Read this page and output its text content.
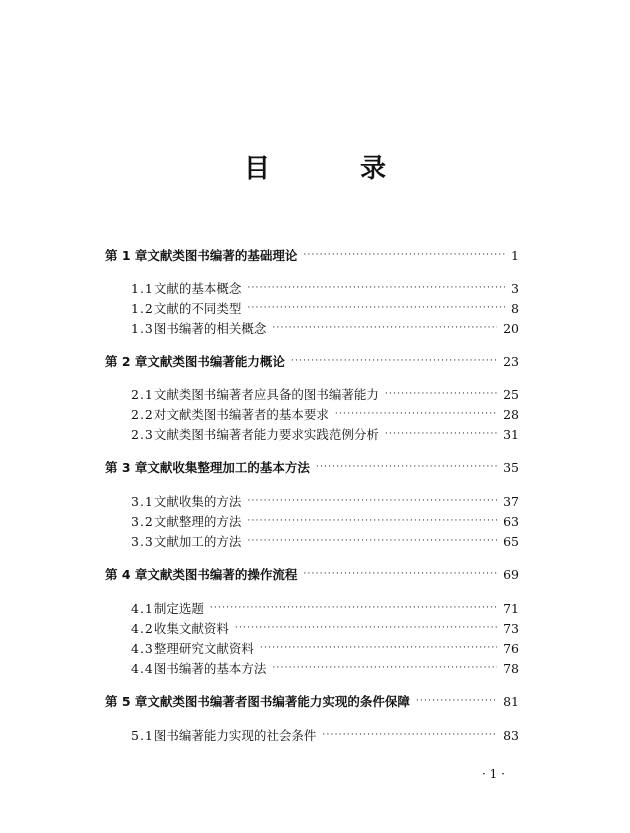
目　录
第 1 章 文献类图书编著的基础理论 ·····	1
1.1 文献的基本概念 ·····	3
1.2 文献的不同类型 ·····	8
1.3 图书编著的相关概念 ·····	20
第 2 章 文献类图书编著能力概论 ·····	23
2.1 文献类图书编著者应具备的图书编著能力 ·····	25
2.2 对文献类图书编著者的基本要求 ·····	28
2.3 文献类图书编著者能力要求实践范例分析 ·····	31
第 3 章 文献收集整理加工的基本方法 ·····	35
3.1 文献收集的方法 ·····	37
3.2 文献整理的方法 ·····	63
3.3 文献加工的方法 ·····	65
第 4 章 文献类图书编著的操作流程 ·····	69
4.1 制定选题 ·····	71
4.2 收集文献资料 ·····	73
4.3 整理研究文献资料 ·····	76
4.4 图书编著的基本方法 ·····	78
第 5 章 文献类图书编著者图书编著能力实现的条件保障 ·····	81
5.1 图书编著能力实现的社会条件 ·····	83
· 1 ·
